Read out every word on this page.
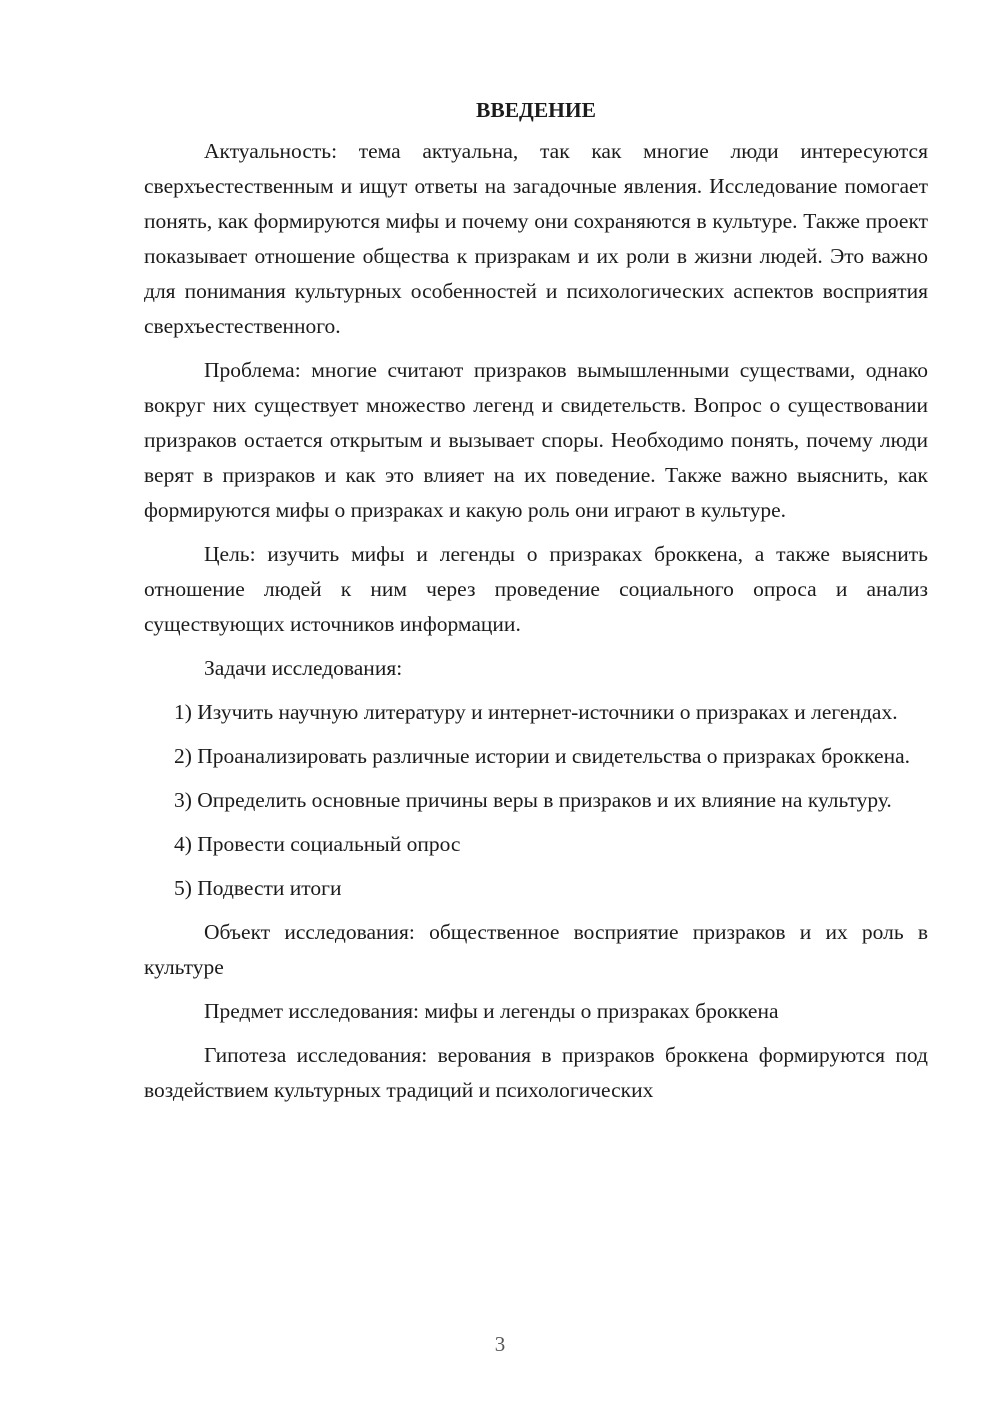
ВВЕДЕНИЕ

Актуальность: тема актуальна, так как многие люди интересуются сверхъестественным и ищут ответы на загадочные явления. Исследование помогает понять, как формируются мифы и почему они сохраняются в культуре. Также проект показывает отношение общества к призракам и их роли в жизни людей. Это важно для понимания культурных особенностей и психологических аспектов восприятия сверхъестественного.

Проблема: многие считают призраков вымышленными существами, однако вокруг них существует множество легенд и свидетельств. Вопрос о существовании призраков остается открытым и вызывает споры. Необходимо понять, почему люди верят в призраков и как это влияет на их поведение. Также важно выяснить, как формируются мифы о призраках и какую роль они играют в культуре.

Цель: изучить мифы и легенды о призраках броккена, а также выяснить отношение людей к ним через проведение социального опроса и анализ существующих источников информации.

Задачи исследования:

1) Изучить научную литературу и интернет-источники о призраках и легендах.

2) Проанализировать различные истории и свидетельства о призраках броккена.

3) Определить основные причины веры в призраков и их влияние на культуру.

4) Провести социальный опрос

5) Подвести итоги

Объект исследования: общественное восприятие призраков и их роль в культуре

Предмет исследования: мифы и легенды о призраках броккена

Гипотеза исследования: верования в призраков броккена формируются под воздействием культурных традиций и психологических

3
